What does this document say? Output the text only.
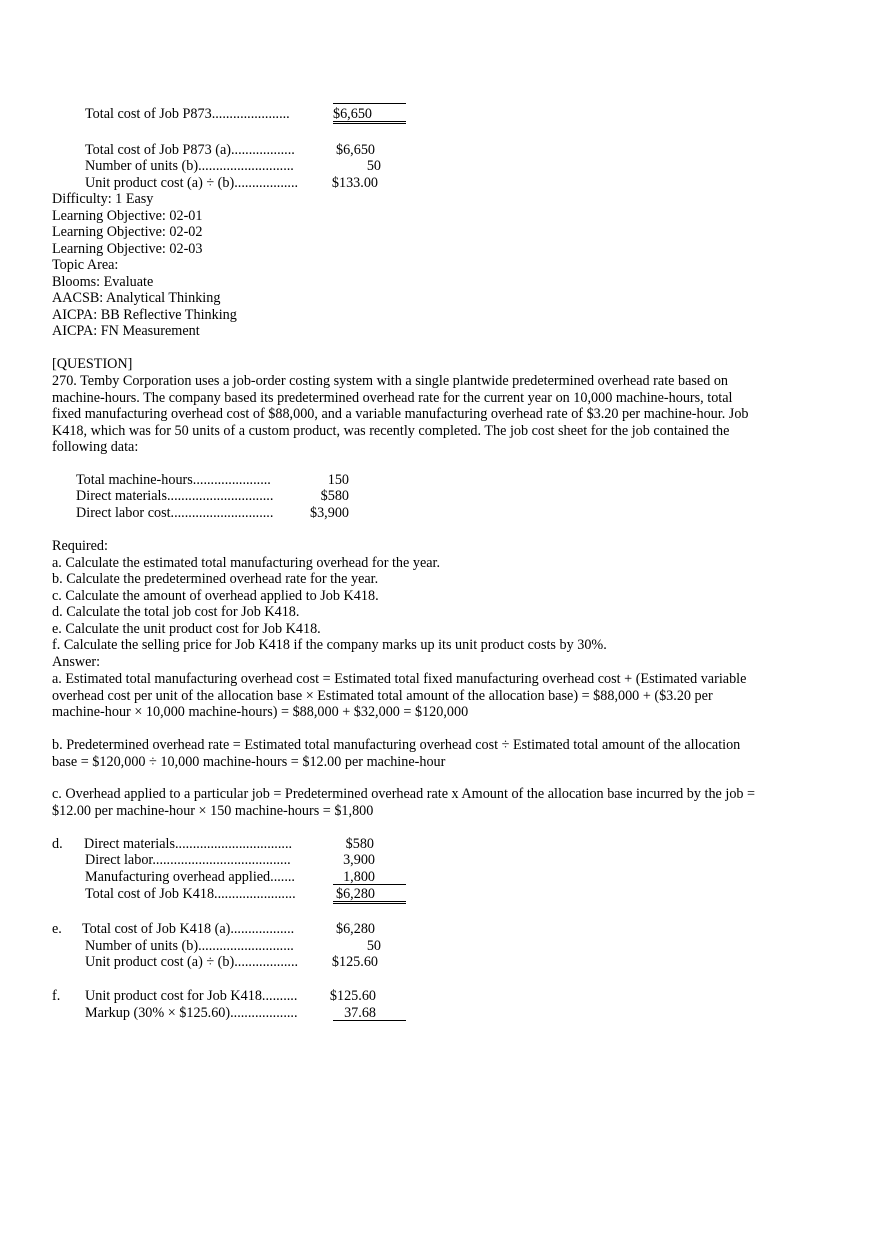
Total cost of Job P873......................	$6,650
Total cost of Job P873 (a)..................	$6,650
Number of units (b)...........................	50
Unit product cost (a) ÷ (b)..................	$133.00
Difficulty: 1 Easy
Learning Objective: 02-01
Learning Objective: 02-02
Learning Objective: 02-03
Topic Area:
Blooms: Evaluate
AACSB: Analytical Thinking
AICPA: BB Reflective Thinking
AICPA: FN Measurement
[QUESTION]
270. Temby Corporation uses a job-order costing system with a single plantwide predetermined overhead rate based on machine-hours. The company based its predetermined overhead rate for the current year on 10,000 machine-hours, total fixed manufacturing overhead cost of $88,000, and a variable manufacturing overhead rate of $3.20 per machine-hour. Job K418, which was for 50 units of a custom product, was recently completed. The job cost sheet for the job contained the following data:
Total machine-hours......................	150
Direct materials..............................	$580
Direct labor cost.............................	$3,900
Required:
a. Calculate the estimated total manufacturing overhead for the year.
b. Calculate the predetermined overhead rate for the year.
c. Calculate the amount of overhead applied to Job K418.
d. Calculate the total job cost for Job K418.
e. Calculate the unit product cost for Job K418.
f. Calculate the selling price for Job K418 if the company marks up its unit product costs by 30%.
Answer:
a. Estimated total manufacturing overhead cost = Estimated total fixed manufacturing overhead cost + (Estimated variable overhead cost per unit of the allocation base × Estimated total amount of the allocation base) = $88,000 + ($3.20 per machine-hour × 10,000 machine-hours) = $88,000 + $32,000 = $120,000
b. Predetermined overhead rate = Estimated total manufacturing overhead cost ÷ Estimated total amount of the allocation base = $120,000 ÷ 10,000 machine-hours = $12.00 per machine-hour
c. Overhead applied to a particular job = Predetermined overhead rate x Amount of the allocation base incurred by the job = $12.00 per machine-hour × 150 machine-hours = $1,800
d. Direct materials.................................	$580
Direct labor.......................................	3,900
Manufacturing overhead applied.......	1,800
Total cost of Job K418.......................	$6,280
e. Total cost of Job K418 (a)..................	$6,280
Number of units (b)...........................	50
Unit product cost (a) ÷ (b)..................	$125.60
f. Unit product cost for Job K418..........	$125.60
Markup (30% × $125.60)...................	37.68
